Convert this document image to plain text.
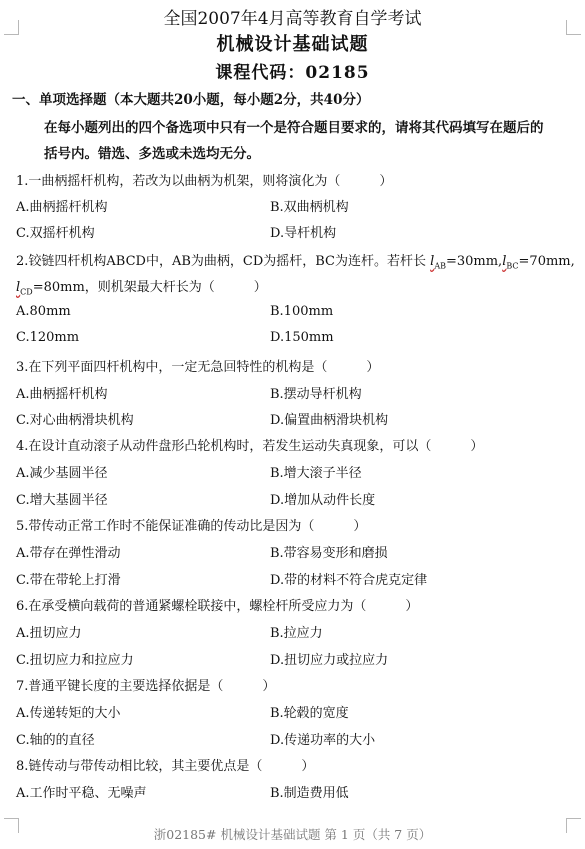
全国2007年4月高等教育自学考试
机械设计基础试题
课程代码：02185
一、单项选择题（本大题共20小题，每小题2分，共40分）
在每小题列出的四个备选项中只有一个是符合题目要求的，请将其代码填写在题后的
括号内。错选、多选或未选均无分。
1.一曲柄摇杆机构，若改为以曲柄为机架，则将演化为（　　　）
A.曲柄摇杆机构	B.双曲柄机构
C.双摇杆机构	D.导杆机构
2.铰链四杆机构ABCD中，AB为曲柄，CD为摇杆，BC为连杆。若杆长 $l_{AB}=30mm,l_{BC}=70mm$,
$l_{CD}=80mm$，则机架最大杆长为（　　　）
A.80mm	B.100mm
C.120mm	D.150mm
3.在下列平面四杆机构中，一定无急回特性的机构是（　　　）
A.曲柄摇杆机构	B.摆动导杆机构
C.对心曲柄滑块机构	D.偏置曲柄滑块机构
4.在设计直动滚子从动件盘形凸轮机构时，若发生运动失真现象，可以（　　　）
A.减少基圆半径	B.增大滚子半径
C.增大基圆半径	D.增加从动件长度
5.带传动正常工作时不能保证准确的传动比是因为（　　　）
A.带存在弹性滑动	B.带容易变形和磨损
C.带在带轮上打滑	D.带的材料不符合虎克定律
6.在承受横向载荷的普通紧螺栓联接中，螺栓杆所受应力为（　　　）
A.扭切应力	B.拉应力
C.扭切应力和拉应力	D.扭切应力或拉应力
7.普通平键长度的主要选择依据是（　　　）
A.传递转矩的大小	B.轮毂的宽度
C.轴的的直径	D.传递功率的大小
8.链传动与带传动相比较，其主要优点是（　　　）
A.工作时平稳、无噪声	B.制造费用低
浙02185# 机械设计基础试题 第 1 页（共 7 页）
